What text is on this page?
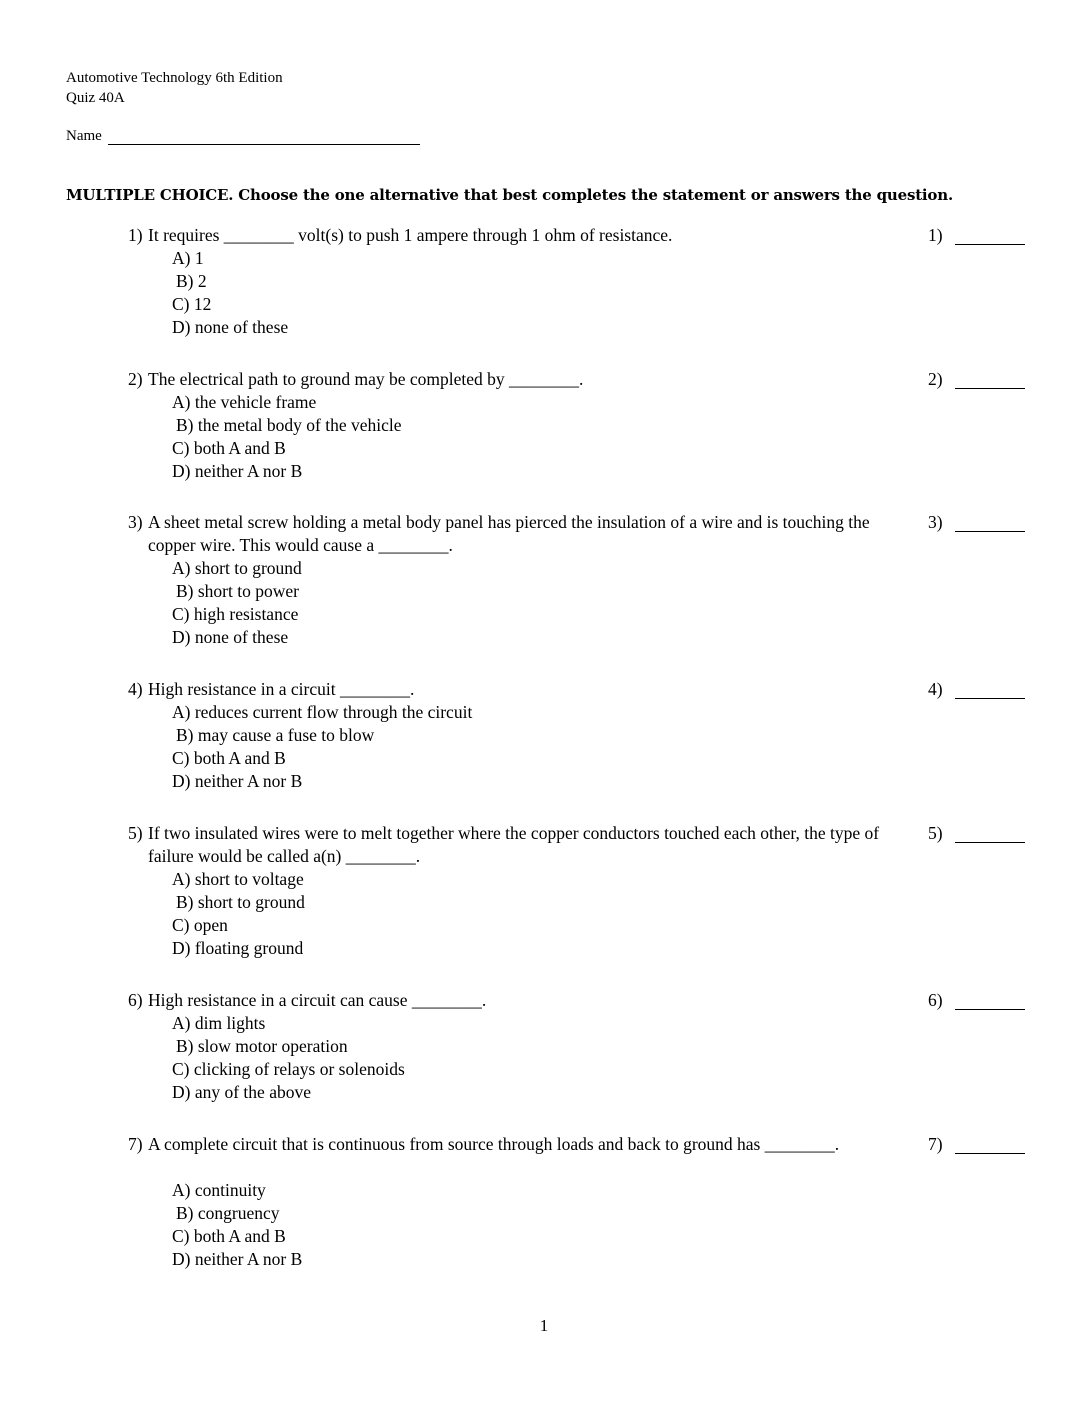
Automotive Technology 6th Edition
Quiz 40A
Name
MULTIPLE CHOICE. Choose the one alternative that best completes the statement or answers the question.
1) It requires ________ volt(s) to push 1 ampere through 1 ohm of resistance.
A) 1
B) 2
C) 12
D) none of these
1)
2) The electrical path to ground may be completed by ________.
A) the vehicle frame
B) the metal body of the vehicle
C) both A and B
D) neither A nor B
2)
3) A sheet metal screw holding a metal body panel has pierced the insulation of a wire and is touching the copper wire. This would cause a ________.
A) short to ground
B) short to power
C) high resistance
D) none of these
3)
4) High resistance in a circuit ________.
A) reduces current flow through the circuit
B) may cause a fuse to blow
C) both A and B
D) neither A nor B
4)
5) If two insulated wires were to melt together where the copper conductors touched each other, the type of failure would be called a(n) ________.
A) short to voltage
B) short to ground
C) open
D) floating ground
5)
6) High resistance in a circuit can cause ________.
A) dim lights
B) slow motor operation
C) clicking of relays or solenoids
D) any of the above
6)
7) A complete circuit that is continuous from source through loads and back to ground has ________.
A) continuity
B) congruency
C) both A and B
D) neither A nor B
7)
1
